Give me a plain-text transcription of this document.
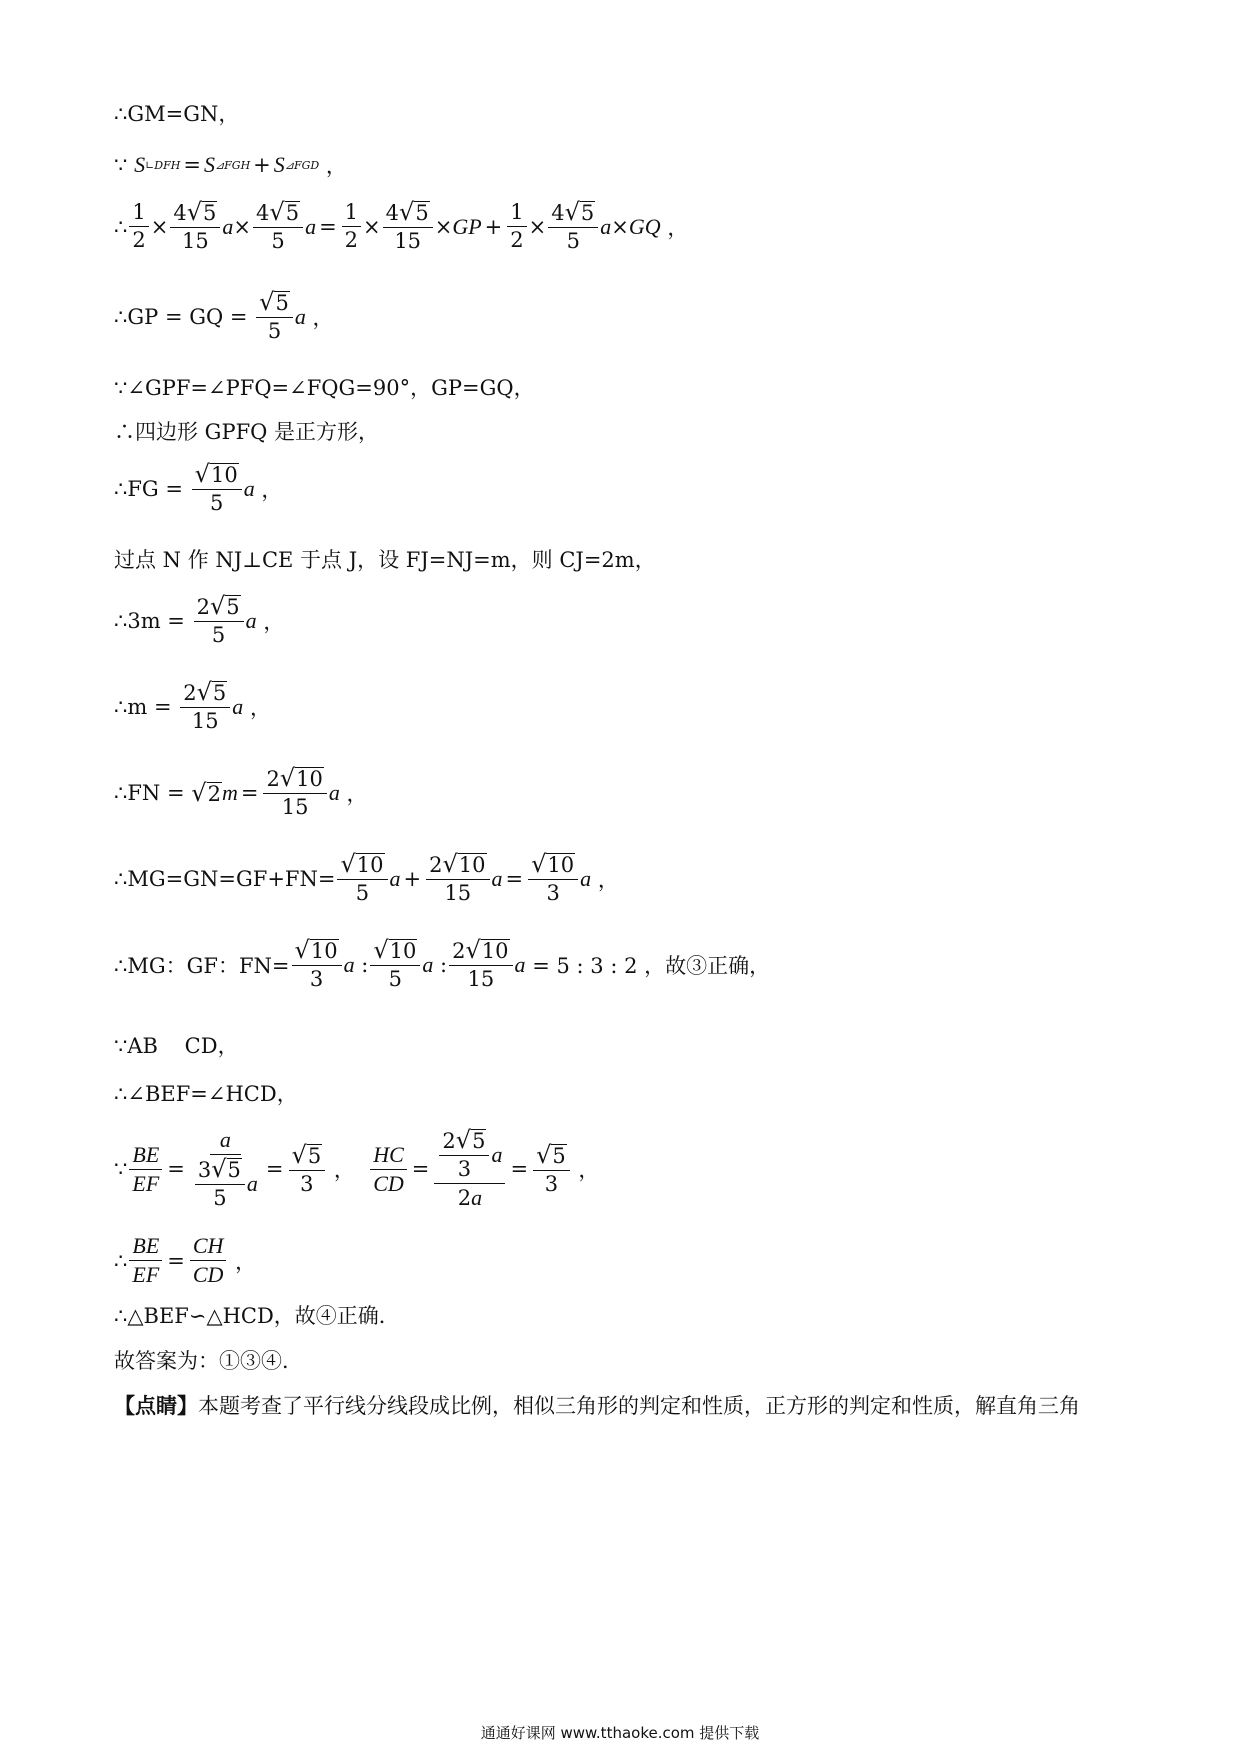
∴GM=GN，
∵
S ∟DFH = S ⊿FGH + S ⊿FGD ，
∴ $\frac{1}{2} \times \frac{4 √ 5}{15}$ $a \times \frac{4 √ 5}{5}$ $a = \frac{1}{2} \times \frac{4 √ 5}{15}$ × GP + $\frac{1}{2} \times \frac{4 √ 5}{5}$ a × GQ ，
∴GP = GQ =
$\frac{√ 5}{5}$ a ，
∵∠GPF=∠PFQ=∠FQG=90°，GP=GQ，
∴四边形 GPFQ 是正方形，
∴FG =
$\frac{√ 10}{5}$ a ，
过点 N 作 NJ⊥CE 于点 J，设 FJ=NJ=m，则 CJ=2m，
∴3m =
$\frac{2 √ 5}{5}$ a ，
∴m =
$\frac{2 √ 5}{15}$ a ，
∴FN =
√ 2 $m = \frac{2 √ 10}{15}$ a ，
∴MG=GN=GF+FN= $\frac{√ 10}{5}$ $a + \frac{2 √ 10}{15}$ $a = \frac{√ 10}{3}$ a ，
∴MG：GF：$FN= \frac{√ 10}{3}$ a : $\frac{√ 10}{5}$ a : $\frac{2 √ 10}{15}$ a
= 5 : 3 : 2 ，故③正确，
∵AB    CD，
∴∠BEF=∠HCD，
∵ $\frac{BE}{EF} = \frac{a}{\frac{3 √ 5}{5} a} = \frac{√ 5}{3}$ ， $\frac{HC}{CD} = \frac{\frac{2 √ 5}{3} a}{2a} = \frac{√ 5}{3}$ ，
∴ $\frac{BE}{EF} = \frac{CH}{CD}$ ，
∴△BEF∽△HCD，故④正确．
故答案为：①③④．
【点睛】 本题考查了平行线分线段成比例，相似三角形的判定和性质，正方形的判定和性质，解直角三角
通通好课网 www.tthaoke.com 提供下载
